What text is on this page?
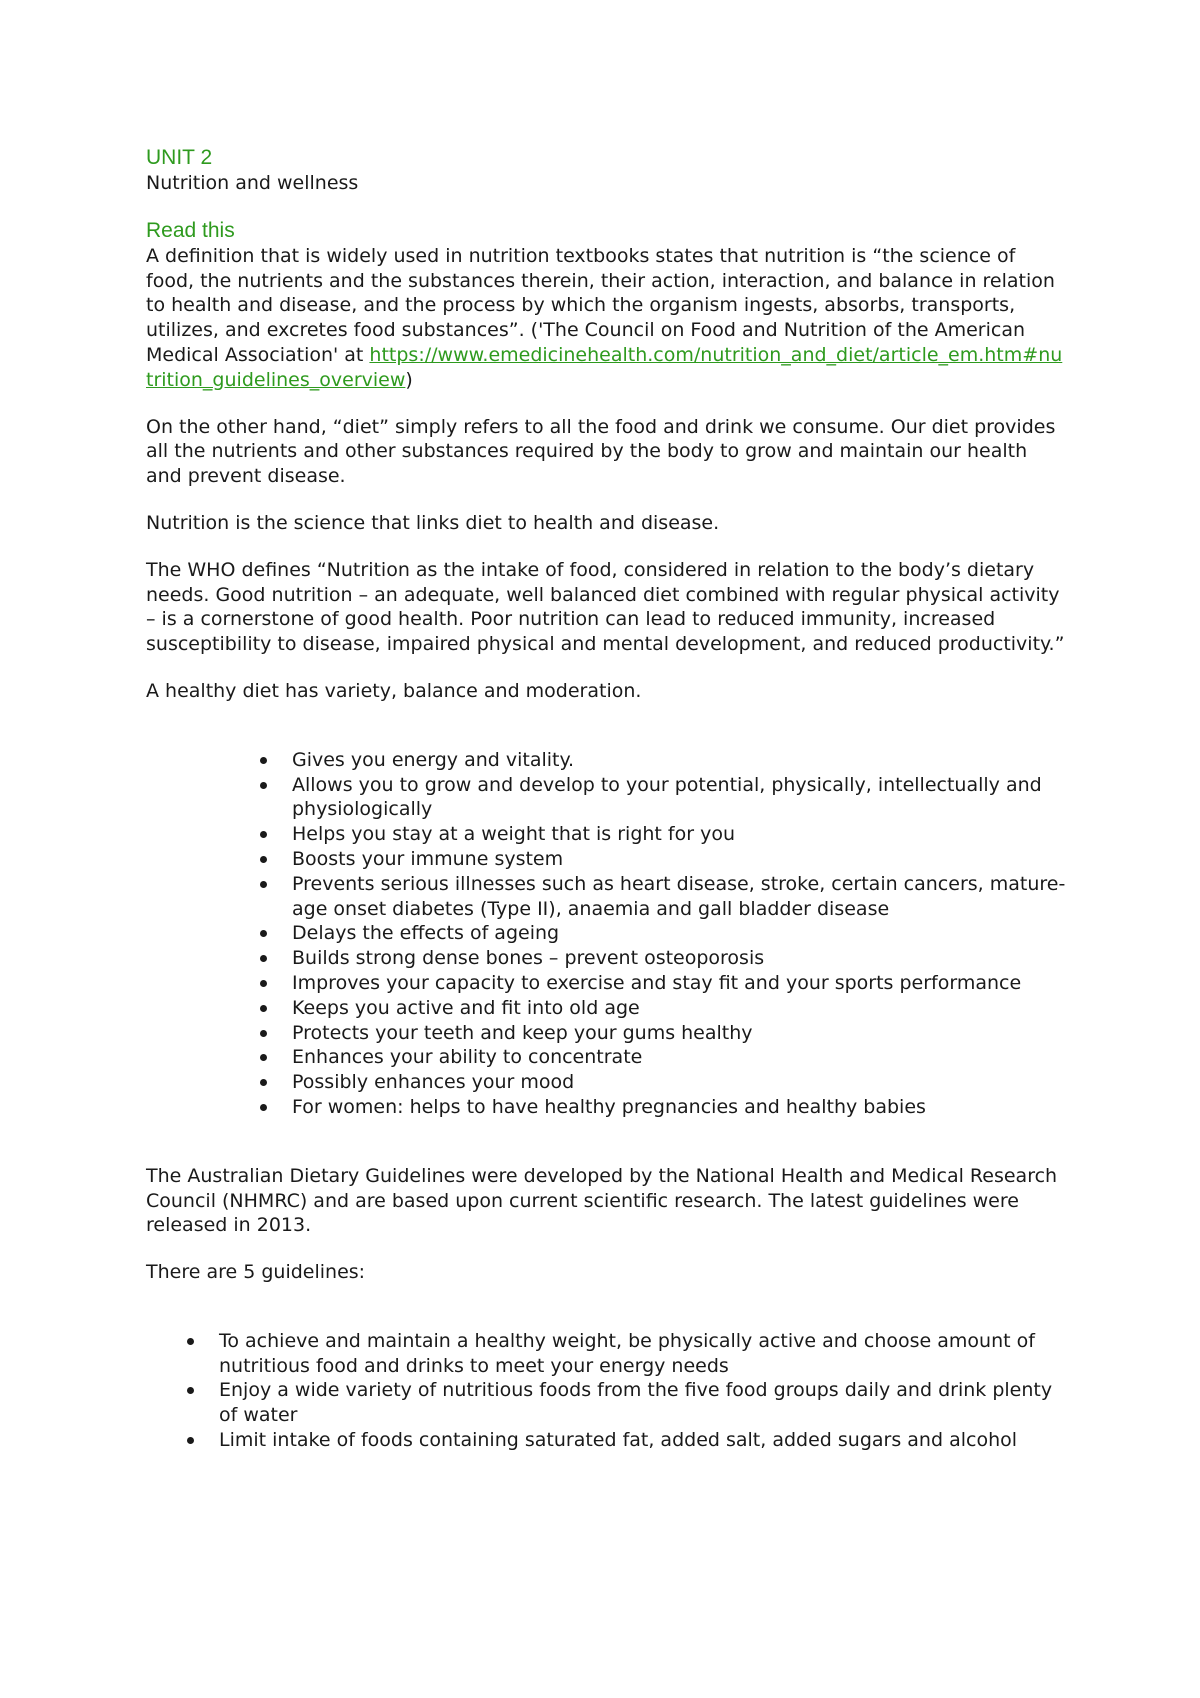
UNIT 2

Nutrition and wellness

Read this

A definition that is widely used in nutrition textbooks states that nutrition is “the science of food, the nutrients and the substances therein, their action, interaction, and balance in relation to health and disease, and the process by which the organism ingests, absorbs, transports, utilizes, and excretes food substances”. ('The Council on Food and Nutrition of the American Medical Association' at https://www.emedicinehealth.com/nutrition_and_diet/article_em.htm#nutrition_guidelines_overview)

On the other hand, “diet” simply refers to all the food and drink we consume. Our diet provides all the nutrients and other substances required by the body to grow and maintain our health and prevent disease.

Nutrition is the science that links diet to health and disease.

The WHO defines “Nutrition as the intake of food, considered in relation to the body’s dietary needs. Good nutrition – an adequate, well balanced diet combined with regular physical activity – is a cornerstone of good health. Poor nutrition can lead to reduced immunity, increased susceptibility to disease, impaired physical and mental development, and reduced productivity.”

A healthy diet has variety, balance and moderation.

Gives you energy and vitality.
Allows you to grow and develop to your potential, physically, intellectually and physiologically
Helps you stay at a weight that is right for you
Boosts your immune system
Prevents serious illnesses such as heart disease, stroke, certain cancers, mature-age onset diabetes (Type II), anaemia and gall bladder disease
Delays the effects of ageing
Builds strong dense bones – prevent osteoporosis
Improves your capacity to exercise and stay fit and your sports performance
Keeps you active and fit into old age
Protects your teeth and keep your gums healthy
Enhances your ability to concentrate
Possibly enhances your mood
For women: helps to have healthy pregnancies and healthy babies

The Australian Dietary Guidelines were developed by the National Health and Medical Research Council (NHMRC) and are based upon current scientific research. The latest guidelines were released in 2013.

There are 5 guidelines:

To achieve and maintain a healthy weight, be physically active and choose amount of nutritious food and drinks to meet your energy needs
Enjoy a wide variety of nutritious foods from the five food groups daily and drink plenty of water
Limit intake of foods containing saturated fat, added salt, added sugars and alcohol
